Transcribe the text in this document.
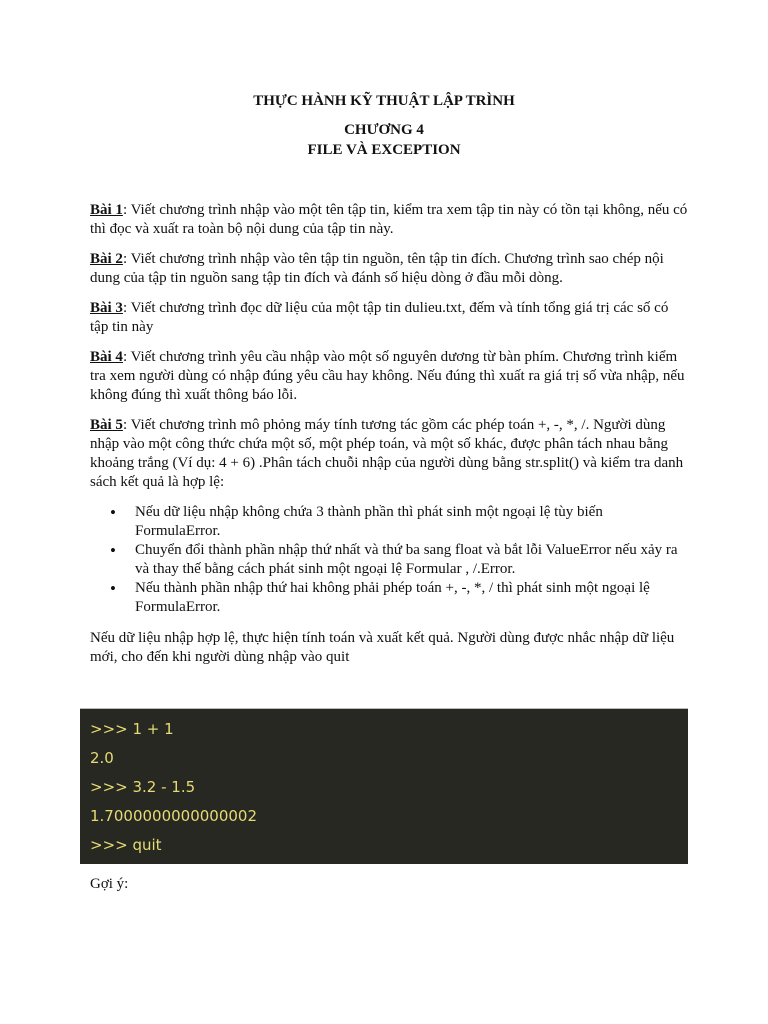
THỰC HÀNH KỸ THUẬT LẬP TRÌNH
CHƯƠNG 4
FILE VÀ EXCEPTION
Bài 1: Viết chương trình nhập vào một tên tập tin, kiểm tra xem tập tin này có tồn tại không, nếu có thì đọc và xuất ra toàn bộ nội dung của tập tin này.
Bài 2: Viết chương trình nhập vào tên tập tin nguồn, tên tập tin đích. Chương trình sao chép nội dung của tập tin nguồn sang tập tin đích và đánh số hiệu dòng ở đầu mỗi dòng.
Bài 3: Viết chương trình đọc dữ liệu của một tập tin dulieu.txt, đếm và tính tổng giá trị các số có tập tin này
Bài 4: Viết chương trình yêu cầu nhập vào một số nguyên dương từ bàn phím. Chương trình kiểm tra xem người dùng có nhập đúng yêu cầu hay không. Nếu đúng thì xuất ra giá trị số vừa nhập, nếu không đúng thì xuất thông báo lỗi.
Bài 5: Viết chương trình mô phỏng máy tính tương tác gồm các phép toán +, -, *, /. Người dùng nhập vào một công thức chứa một số, một phép toán, và một số khác, được phân tách nhau bằng khoảng trắng (Ví dụ: 4 + 6) .Phân tách chuỗi nhập của người dùng bằng str.split() và kiểm tra danh sách kết quả là hợp lệ:
• Nếu dữ liệu nhập không chứa 3 thành phần thì phát sinh một ngoại lệ tùy biến FormulaError.
• Chuyển đổi thành phần nhập thứ nhất và thứ ba sang float và bắt lỗi ValueError nếu xảy ra và thay thế bằng cách phát sinh một ngoại lệ Formular , /.Error.
• Nếu thành phần nhập thứ hai không phải phép toán +, -, *, / thì phát sinh một ngoại lệ FormulaError.
Nếu dữ liệu nhập hợp lệ, thực hiện tính toán và xuất kết quả. Người dùng được nhắc nhập dữ liệu mới, cho đến khi người dùng nhập vào quit
>>> 1 + 1
2.0
>>> 3.2 - 1.5
1.7000000000000002
>>> quit
Gợi ý:
